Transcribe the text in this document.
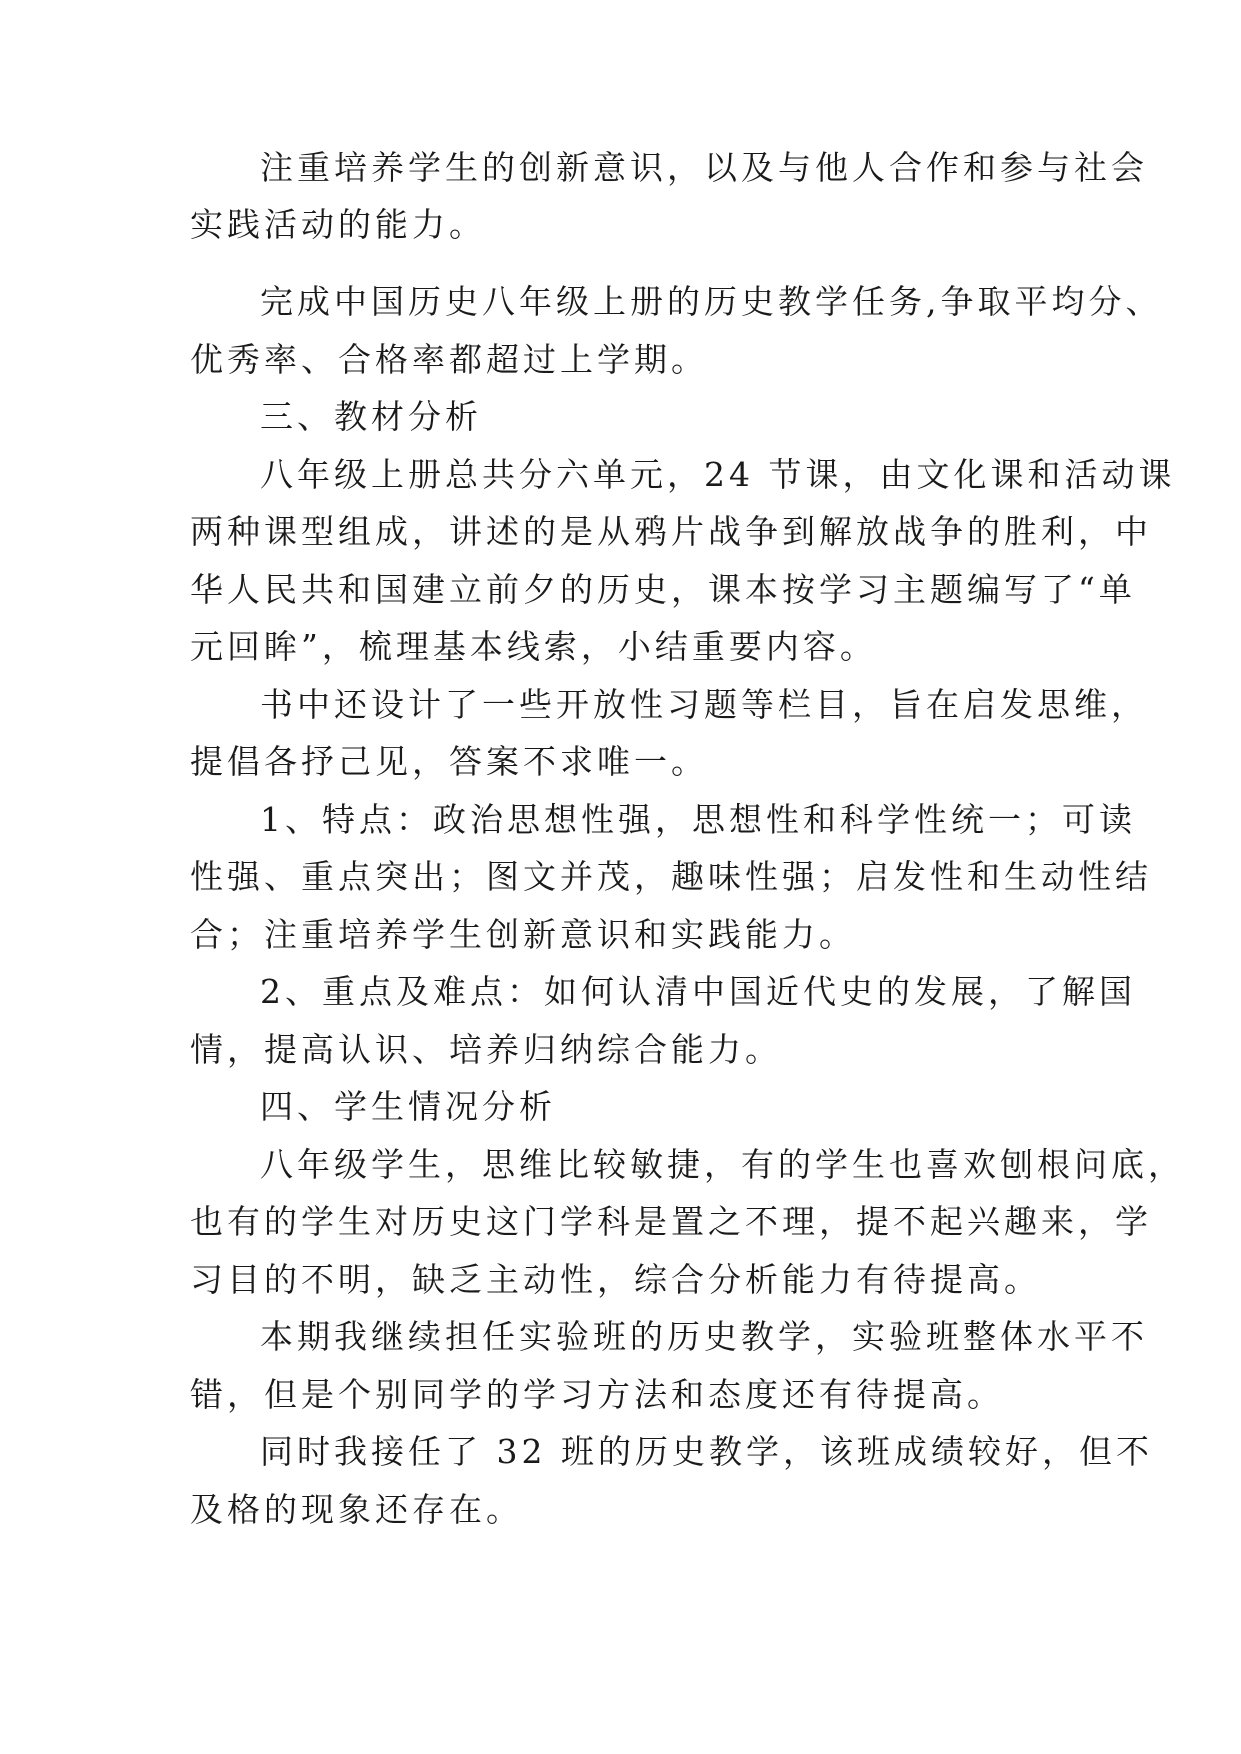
注重培养学生的创新意识，以及与他人合作和参与社会
实践活动的能力。
完成中国历史八年级上册的历史教学任务,争取平均分、
优秀率、合格率都超过上学期。
三、教材分析
八年级上册总共分六单元，24 节课，由文化课和活动课
两种课型组成，讲述的是从鸦片战争到解放战争的胜利，中
华人民共和国建立前夕的历史，课本按学习主题编写了“单
元回眸”，梳理基本线索，小结重要内容。
书中还设计了一些开放性习题等栏目，旨在启发思维，
提倡各抒己见，答案不求唯一。
1、特点：政治思想性强，思想性和科学性统一；可读
性强、重点突出；图文并茂，趣味性强；启发性和生动性结
合；注重培养学生创新意识和实践能力。
2、重点及难点：如何认清中国近代史的发展，了解国
情，提高认识、培养归纳综合能力。
四、学生情况分析
八年级学生，思维比较敏捷，有的学生也喜欢刨根问底，
也有的学生对历史这门学科是置之不理，提不起兴趣来，学
习目的不明，缺乏主动性，综合分析能力有待提高。
本期我继续担任实验班的历史教学，实验班整体水平不
错，但是个别同学的学习方法和态度还有待提高。
同时我接任了 32 班的历史教学，该班成绩较好，但不
及格的现象还存在。
